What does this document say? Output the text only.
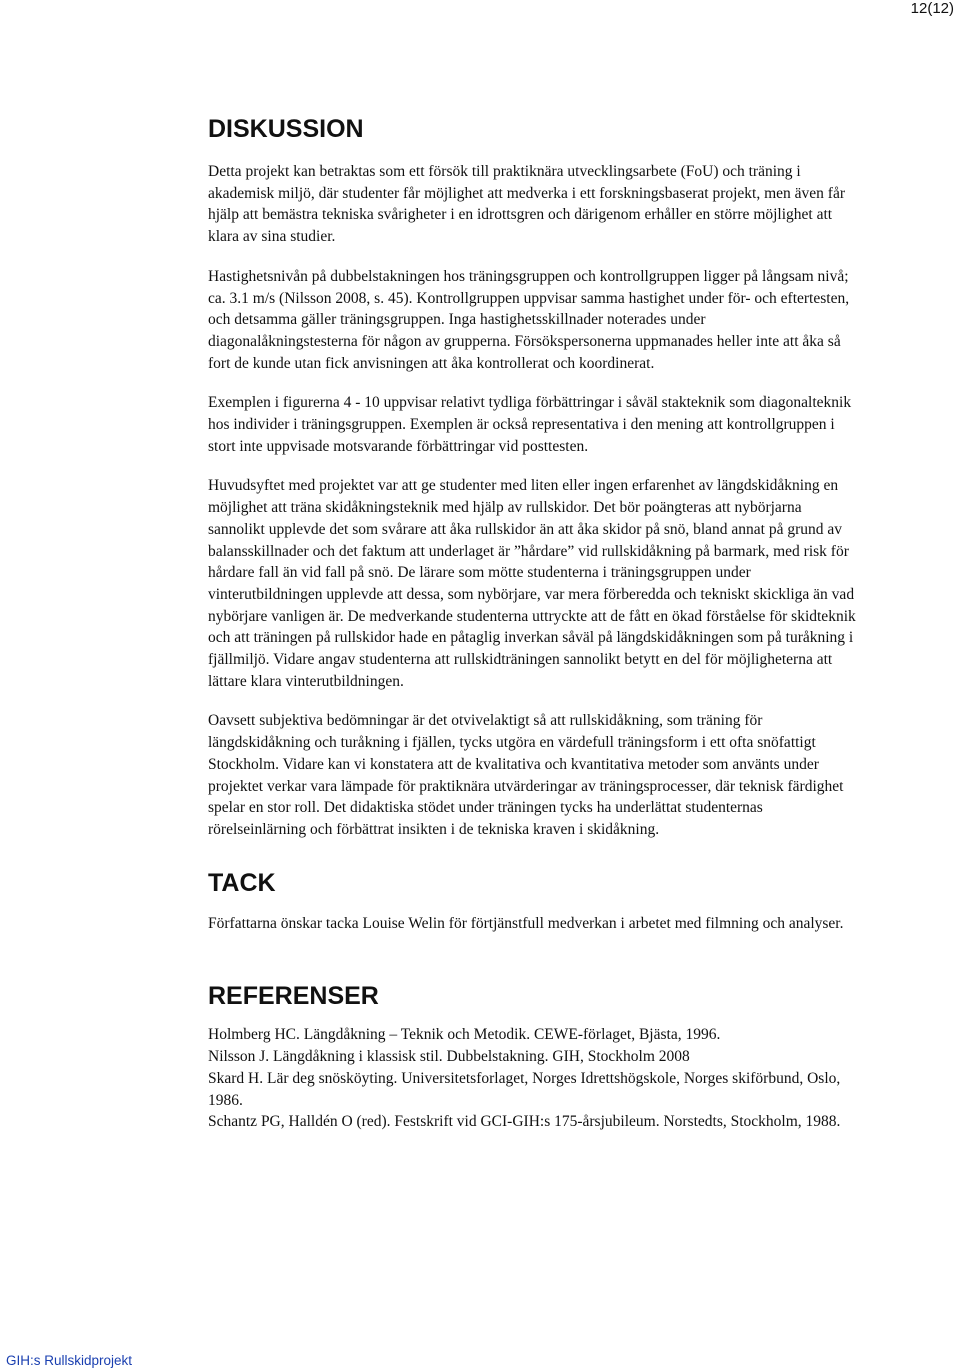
12(12)
DISKUSSION

Detta projekt kan betraktas som ett försök till praktiknära utvecklingsarbete (FoU) och träning i akademisk miljö, där studenter får möjlighet att medverka i ett forskningsbaserat projekt, men även får hjälp att bemästra tekniska svårigheter i en idrottsgren och därigenom erhåller en större möjlighet att klara av sina studier.

Hastighetsnivån på dubbelstakningen hos träningsgruppen och kontrollgruppen ligger på långsam nivå; ca. 3.1 m/s (Nilsson 2008, s. 45). Kontrollgruppen uppvisar samma hastighet under för- och eftertesten, och detsamma gäller träningsgruppen. Inga hastighetsskillnader noterades under diagonalåkningstesterna för någon av grupperna. Försökspersonerna uppmanades heller inte att åka så fort de kunde utan fick anvisningen att åka kontrollerat och koordinerat.

Exemplen i figurerna 4 - 10 uppvisar relativt tydliga förbättringar i såväl stakteknik som diagonalteknik hos individer i träningsgruppen. Exemplen är också representativa i den mening att kontrollgruppen i stort inte uppvisade motsvarande förbättringar vid posttesten.

Huvudsyftet med projektet var att ge studenter med liten eller ingen erfarenhet av längdskidåkning en möjlighet att träna skidåkningsteknik med hjälp av rullskidor. Det bör poängteras att nybörjarna sannolikt upplevde det som svårare att åka rullskidor än att åka skidor på snö, bland annat på grund av balansskillnader och det faktum att underlaget är ”hårdare” vid rullskidåkning på barmark, med risk för hårdare fall än vid fall på snö. De lärare som mötte studenterna i träningsgruppen under vinterutbildningen upplevde att dessa, som nybörjare, var mera förberedda och tekniskt skickliga än vad nybörjare vanligen är. De medverkande studenterna uttryckte att de fått en ökad förståelse för skidteknik och att träningen på rullskidor hade en påtaglig inverkan såväl på längdskidåkningen som på turåkning i fjällmiljö. Vidare angav studenterna att rullskidträningen sannolikt betytt en del för möjligheterna att lättare klara vinterutbildningen.

Oavsett subjektiva bedömningar är det otvivelaktigt så att rullskidåkning, som träning för längdskidåkning och turåkning i fjällen, tycks utgöra en värdefull träningsform i ett ofta snöfattigt Stockholm. Vidare kan vi konstatera att de kvalitativa och kvantitativa metoder som använts under projektet verkar vara lämpade för praktiknära utvärderingar av träningsprocesser, där teknisk färdighet spelar en stor roll. Det didaktiska stödet under träningen tycks ha underlättat studenternas rörelseinlärning och förbättrat insikten i de tekniska kraven i skidåkning.

TACK

Författarna önskar tacka Louise Welin för förtjänstfull medverkan i arbetet med filmning och analyser.

REFERENSER

Holmberg HC. Längdåkning – Teknik och Metodik. CEWE-förlaget, Bjästa, 1996.

Nilsson J. Längdåkning i klassisk stil. Dubbelstakning. GIH, Stockholm 2008

Skard H. Lär deg snösköyting. Universitetsforlaget, Norges Idrettshögskole, Norges skiförbund, Oslo, 1986.

Schantz PG, Halldén O (red). Festskrift vid GCI-GIH:s 175-årsjubileum. Norstedts, Stockholm, 1988.

GIH:s Rullskidprojekt
